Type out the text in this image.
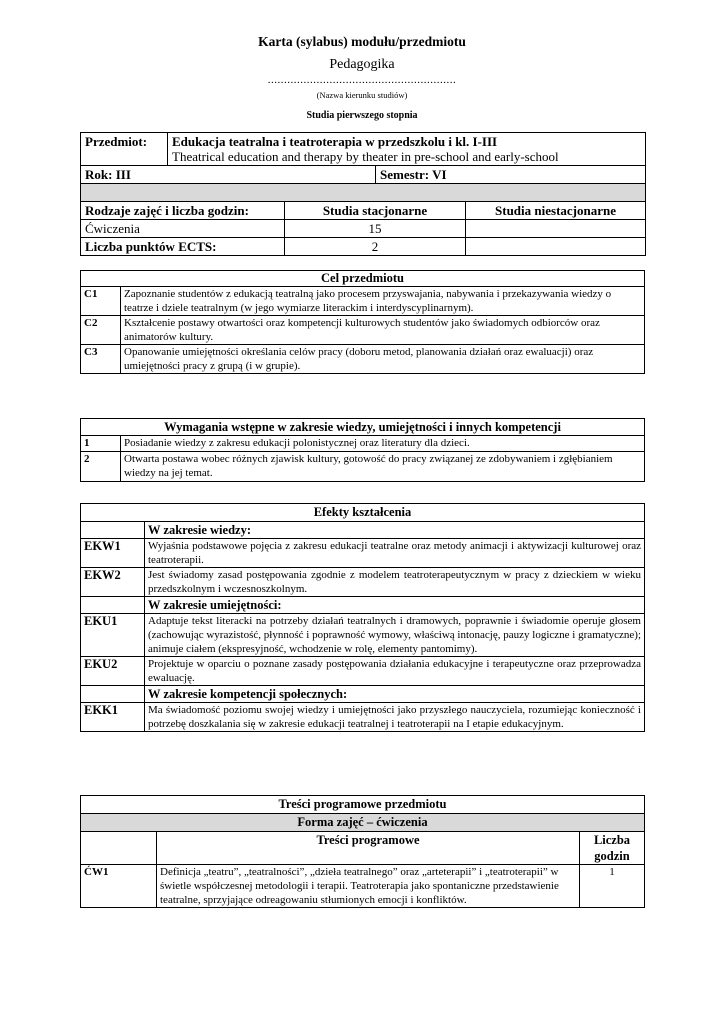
Karta (sylabus) modułu/przedmiotu
Pedagogika
..........................................................
(Nazwa kierunku studiów)
Studia pierwszego stopnia
Przedmiot:	Edukacja teatralna i teatroterapia w przedszkolu i kl. I-III
Theatrical education and therapy by theater in pre-school and early-school			

Rok: III			Semestr: VI	

Rodzaje zajęć i liczba godzin:		Studia stacjonarne		Studia niestacjonarne
Ćwiczenia		15		
Liczba punktów ECTS:		2		
Cel przedmiotu	
C1	Zapoznanie studentów z edukacją teatralną jako procesem przyswajania, nabywania i przekazywania wiedzy o teatrze i dziele teatralnym (w jego wymiarze literackim i interdyscyplinarnym).
C2	Kształcenie postawy otwartości oraz kompetencji kulturowych studentów jako świadomych odbiorców oraz animatorów kultury.
C3	Opanowanie umiejętności określania celów pracy (doboru metod, planowania działań oraz ewaluacji) oraz umiejętności pracy z grupą (i w grupie).
Wymagania wstępne w zakresie wiedzy, umiejętności i innych kompetencji	
1	Posiadanie wiedzy z zakresu edukacji polonistycznej oraz literatury dla dzieci.
2	Otwarta postawa wobec różnych zjawisk kultury, gotowość do pracy związanej ze zdobywaniem i zgłębianiem wiedzy na jej temat.
Efekty kształcenia	
	W zakresie wiedzy:
EKW1	Wyjaśnia podstawowe pojęcia z zakresu edukacji teatralne oraz metody animacji i aktywizacji kulturowej oraz teatroterapii.
EKW2	Jest świadomy zasad postępowania zgodnie z modelem teatroterapeutycznym w pracy z dzieckiem w wieku przedszkolnym i wczesnoszkolnym.
	W zakresie umiejętności:
EKU1	Adaptuje tekst literacki na potrzeby działań teatralnych i dramowych, poprawnie i świadomie operuje głosem (zachowując wyrazistość, płynność i poprawność wymowy, właściwą intonację, pauzy logiczne i gramatyczne); animuje ciałem (ekspresyjność, wchodzenie w rolę, elementy pantomimy).
EKU2	Projektuje w oparciu o poznane zasady postępowania działania edukacyjne i terapeutyczne oraz przeprowadza ewaluację.
	W zakresie kompetencji społecznych:
EKK1	Ma świadomość poziomu swojej wiedzy i umiejętności jako przyszłego nauczyciela, rozumiejąc konieczność i potrzebę doszkalania się w zakresie edukacji teatralnej i teatroterapii na I etapie edukacyjnym.
Treści programowe przedmiotu		
Forma zajęć – ćwiczenia		
	Treści programowe	Liczba godzin
ĆW1	Definicja „teatru”, „teatralności”, „dzieła teatralnego” oraz „arteterapii” i „teatroterapii” w świetle współczesnej metodologii i terapii. Teatroterapia jako spontaniczne przedstawienie teatralne, sprzyjające odreagowaniu stłumionych emocji i konfliktów.	1
